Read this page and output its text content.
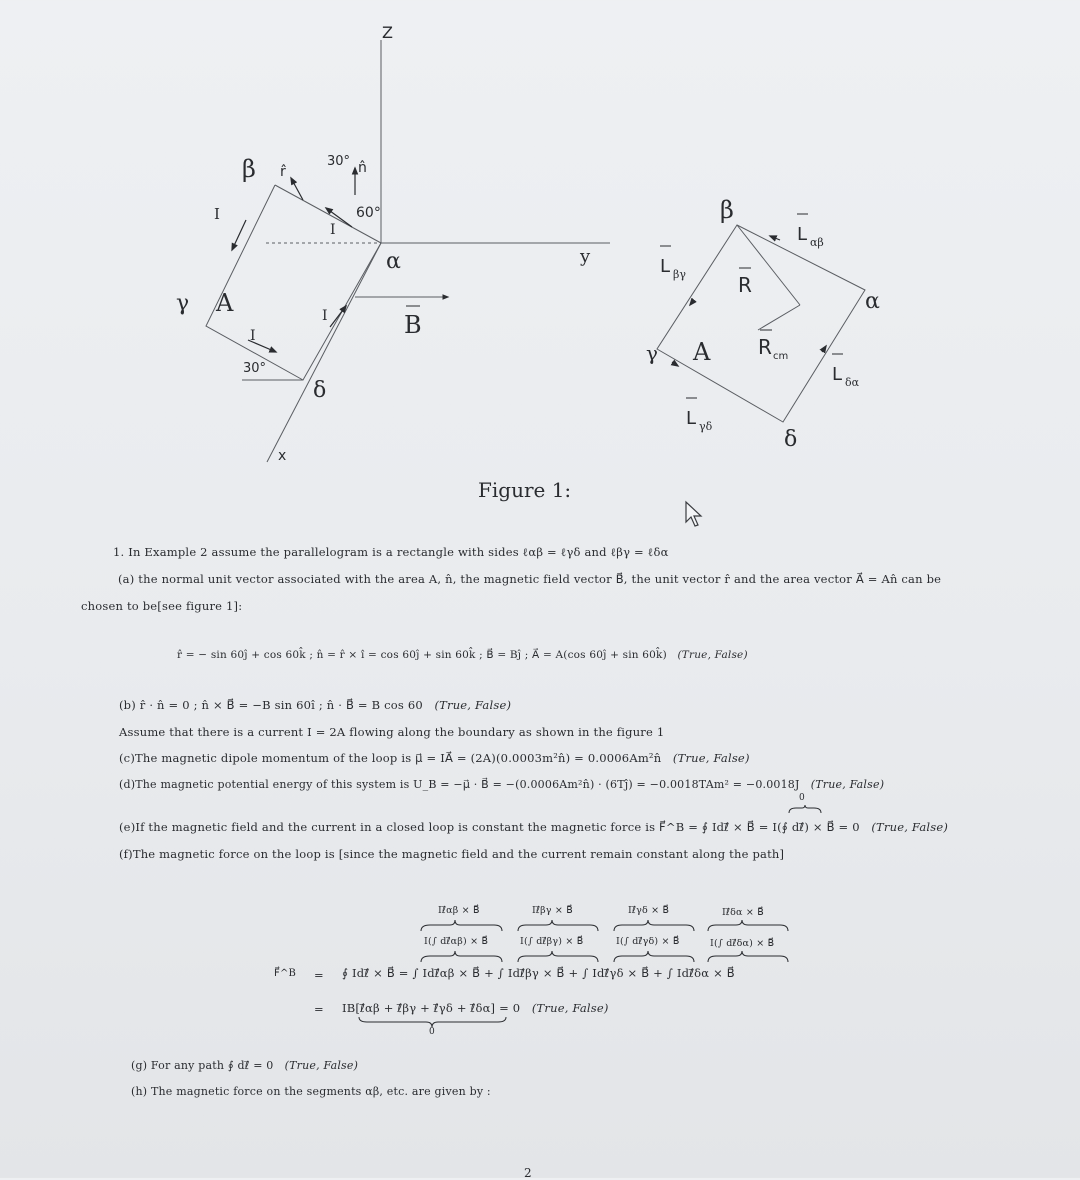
Z
y
x
β r̂
30° n̂
60°
I
I
α
γ A	I	B
I
30°
δ
β
L αβ
L βγ	R
α
γ A R cm
L δα
L γδ
δ
Figure 1:
1. In Example 2 assume the parallelogram is a rectangle with sides ℓαβ = ℓγδ and ℓβγ = ℓδα
(a) the normal unit vector associated with the area A, n̂, the magnetic field vector B⃗, the unit vector r̂ and the area vector A⃗ = An̂ can be
chosen to be[see figure 1]:
r̂ = − sin 60ĵ + cos 60k̂ ; n̂ = r̂ × î = cos 60ĵ + sin 60k̂ ; B⃗ = Bĵ ; A⃗ = A(cos 60ĵ + sin 60k̂) (True, False)
(b) r̂ · n̂ = 0 ; n̂ × B⃗ = −B sin 60î ; n̂ · B⃗ = B cos 60 (True, False)
Assume that there is a current I = 2A flowing along the boundary as shown in the figure 1
(c)The magnetic dipole momentum of the loop is μ⃗ = IA⃗ = (2A)(0.0003m²n̂) = 0.0006Am²n̂ (True, False)
(d)The magnetic potential energy of this system is U_B = −μ⃗ · B⃗ = −(0.0006Am²n̂) · (6Tĵ) = −0.0018TAm² = −0.0018J (True, False)
0
(e)If the magnetic field and the current in a closed loop is constant the magnetic force is F⃗^B = ∮ Idℓ⃗ × B⃗ = I(∮ dℓ⃗) × B⃗ = 0 (True, False)
(f)The magnetic force on the loop is [since the magnetic field and the current remain constant along the path]
Iℓ⃗αβ × B⃗	Iℓ⃗βγ × B⃗	Iℓ⃗γδ × B⃗	Iℓ⃗δα × B⃗
I(∫ dℓ⃗αβ) × B⃗	I(∫ dℓ⃗βγ) × B⃗	I(∫ dℓ⃗γδ) × B⃗	I(∫ dℓ⃗δα) × B⃗
F⃗^B = ∮ Idℓ⃗ × B⃗ = ∫ Idℓ⃗αβ × B⃗ + ∫ Idℓ⃗βγ × B⃗ + ∫ Idℓ⃗γδ × B⃗ + ∫ Idℓ⃗δα × B⃗
= IB[ℓ⃗αβ + ℓ⃗βγ + ℓ⃗γδ + ℓ⃗δα] = 0 (True, False)
0
(g) For any path ∮ dℓ⃗ = 0 (True, False)
(h) The magnetic force on the segments αβ, etc. are given by :
2
